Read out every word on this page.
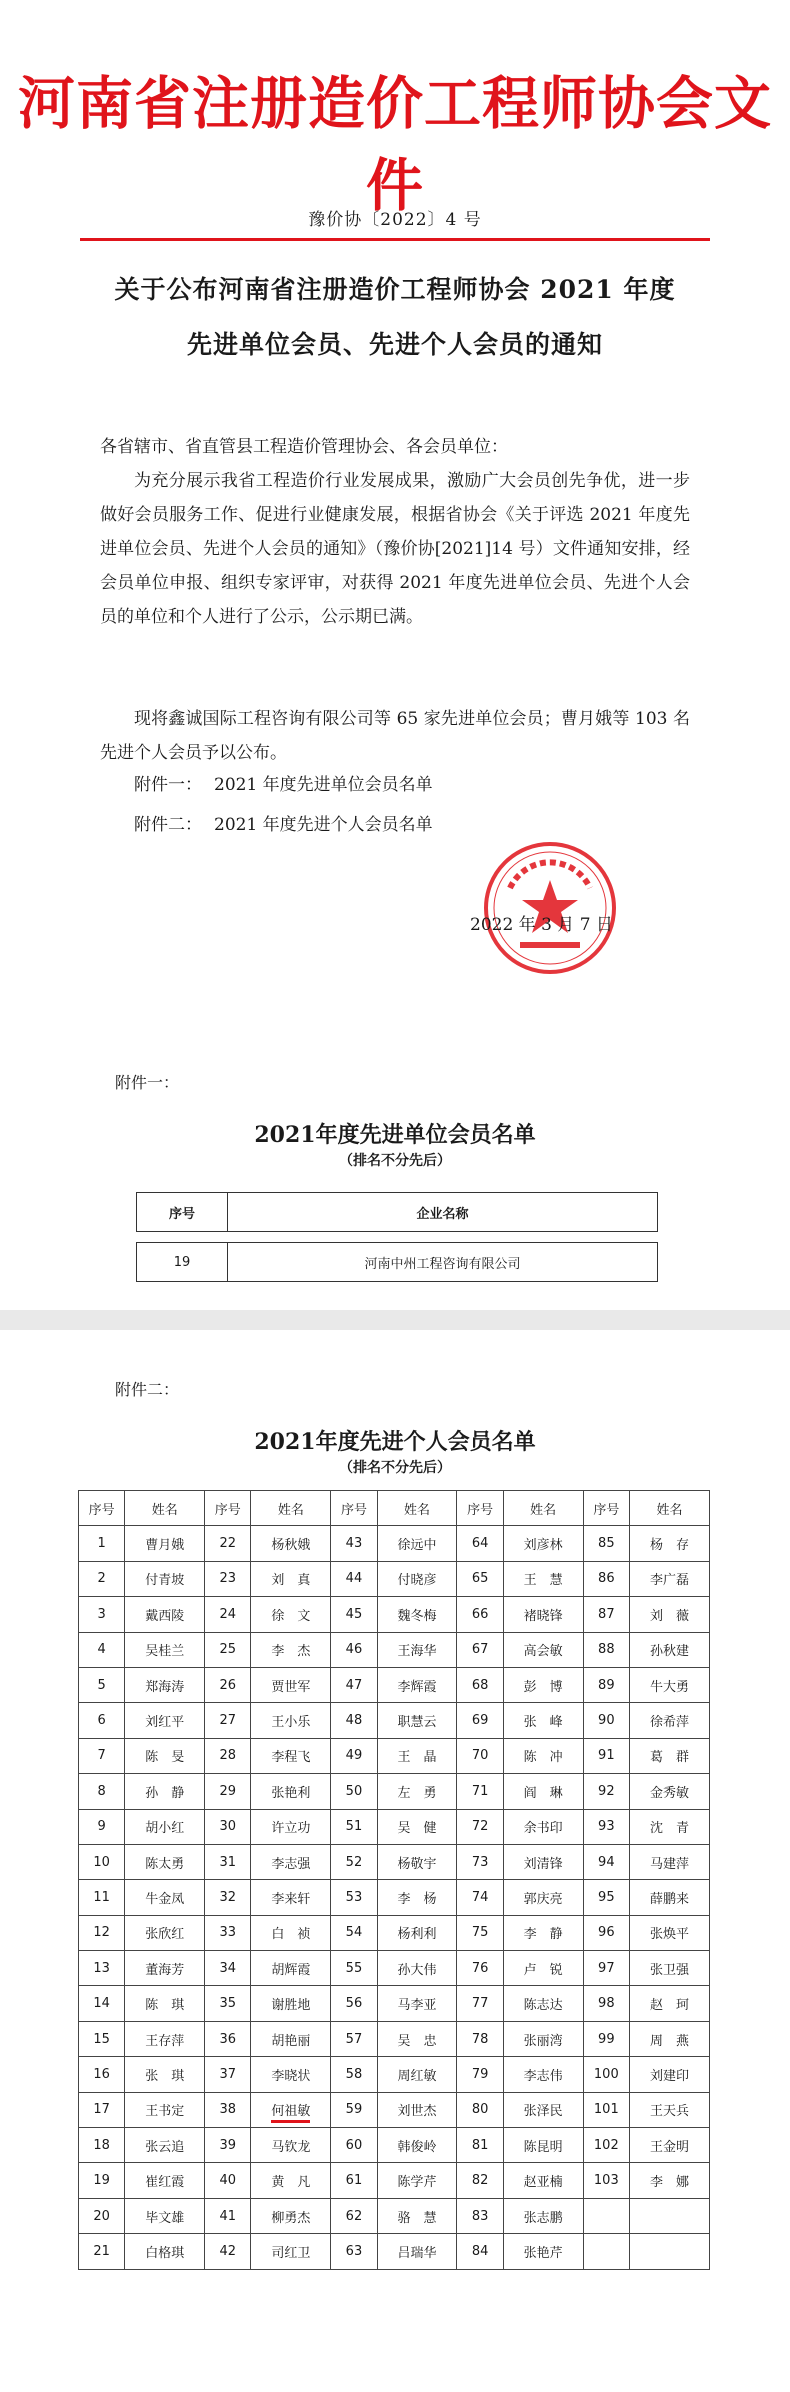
河南省注册造价工程师协会文件
豫价协〔2022〕4 号
关于公布河南省注册造价工程师协会 2021 年度
先进单位会员、先进个人会员的通知

各省辖市、省直管县工程造价管理协会、各会员单位：

为充分展示我省工程造价行业发展成果，激励广大会员创先争优，进一步做好会员服务工作、促进行业健康发展，根据省协会《关于评选 2021 年度先进单位会员、先进个人会员的通知》（豫价协[2021]14 号）文件通知安排，经会员单位申报、组织专家评审，对获得 2021 年度先进单位会员、先进个人会员的单位和个人进行了公示，公示期已满。

现将鑫诚国际工程咨询有限公司等 65 家先进单位会员；曹月娥等 103 名先进个人会员予以公布。

附件一： 2021 年度先进单位会员名单
附件二： 2021 年度先进个人会员名单
2022 年 3 月 7 日
附件一：
2021年度先进单位会员名单
（排名不分先后）
序号	企业名称
19	河南中州工程咨询有限公司
附件二：
2021年度先进个人会员名单
（排名不分先后）
序号	姓名	序号	姓名	序号	姓名	序号	姓名	序号	姓名
1	曹月娥	22	杨秋娥	43	徐远中	64	刘彦林	85	杨　存
2	付青坡	23	刘　真	44	付晓彦	65	王　慧	86	李广磊
3	戴西陵	24	徐　文	45	魏冬梅	66	褚晓锋	87	刘　薇
4	吴桂兰	25	李　杰	46	王海华	67	高会敏	88	孙秋建
5	郑海涛	26	贾世军	47	李辉霞	68	彭　博	89	牛大勇
6	刘红平	27	王小乐	48	职慧云	69	张　峰	90	徐希萍
7	陈　旻	28	李程飞	49	王　晶	70	陈　冲	91	葛　群
8	孙　静	29	张艳利	50	左　勇	71	阎　琳	92	金秀敏
9	胡小红	30	许立功	51	吴　健	72	余书印	93	沈　青
10	陈太勇	31	李志强	52	杨敬宇	73	刘清锋	94	马建萍
11	牛金凤	32	李来轩	53	李　杨	74	郭庆亮	95	薛鹏来
12	张欣红	33	白　祯	54	杨利利	75	李　静	96	张焕平
13	董海芳	34	胡辉霞	55	孙大伟	76	卢　锐	97	张卫强
14	陈　琪	35	谢胜地	56	马李亚	77	陈志达	98	赵　珂
15	王存萍	36	胡艳丽	57	吴　忠	78	张丽湾	99	周　燕
16	张　琪	37	李晓状	58	周红敏	79	李志伟	100	刘建印
17	王书定	38	何祖敏	59	刘世杰	80	张泽民	101	王天兵
18	张云追	39	马钦龙	60	韩俊岭	81	陈昆明	102	王金明
19	崔红霞	40	黄　凡	61	陈学芹	82	赵亚楠	103	李　娜
20	毕文雄	41	柳勇杰	62	骆　慧	83	张志鹏		
21	白格琪	42	司红卫	63	吕瑞华	84	张艳芹		
